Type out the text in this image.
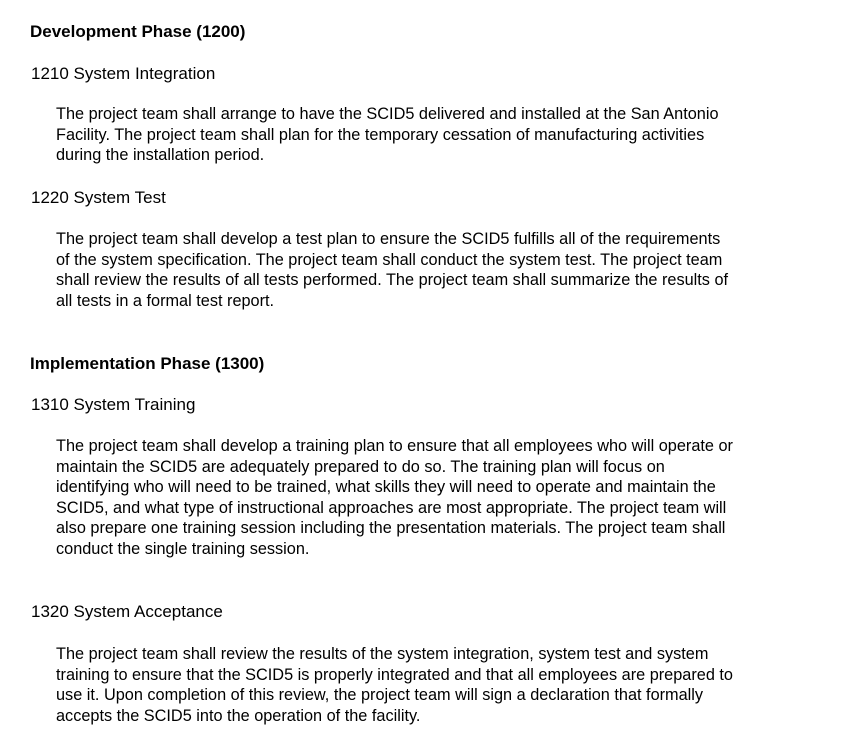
Development Phase (1200)
1210 System Integration

The project team shall arrange to have the SCID5 delivered and installed at the San Antonio
Facility. The project team shall plan for the temporary cessation of manufacturing activities
during the installation period.

1220 System Test

The project team shall develop a test plan to ensure the SCID5 fulfills all of the requirements
of the system specification. The project team shall conduct the system test. The project team
shall review the results of all tests performed. The project team shall summarize the results of
all tests in a formal test report.

Implementation Phase (1300)
1310 System Training

The project team shall develop a training plan to ensure that all employees who will operate or
maintain the SCID5 are adequately prepared to do so. The training plan will focus on
identifying who will need to be trained, what skills they will need to operate and maintain the
SCID5, and what type of instructional approaches are most appropriate. The project team will
also prepare one training session including the presentation materials. The project team shall
conduct the single training session.

1320 System Acceptance

The project team shall review the results of the system integration, system test and system
training to ensure that the SCID5 is properly integrated and that all employees are prepared to
use it. Upon completion of this review, the project team will sign a declaration that formally
accepts the SCID5 into the operation of the facility.
